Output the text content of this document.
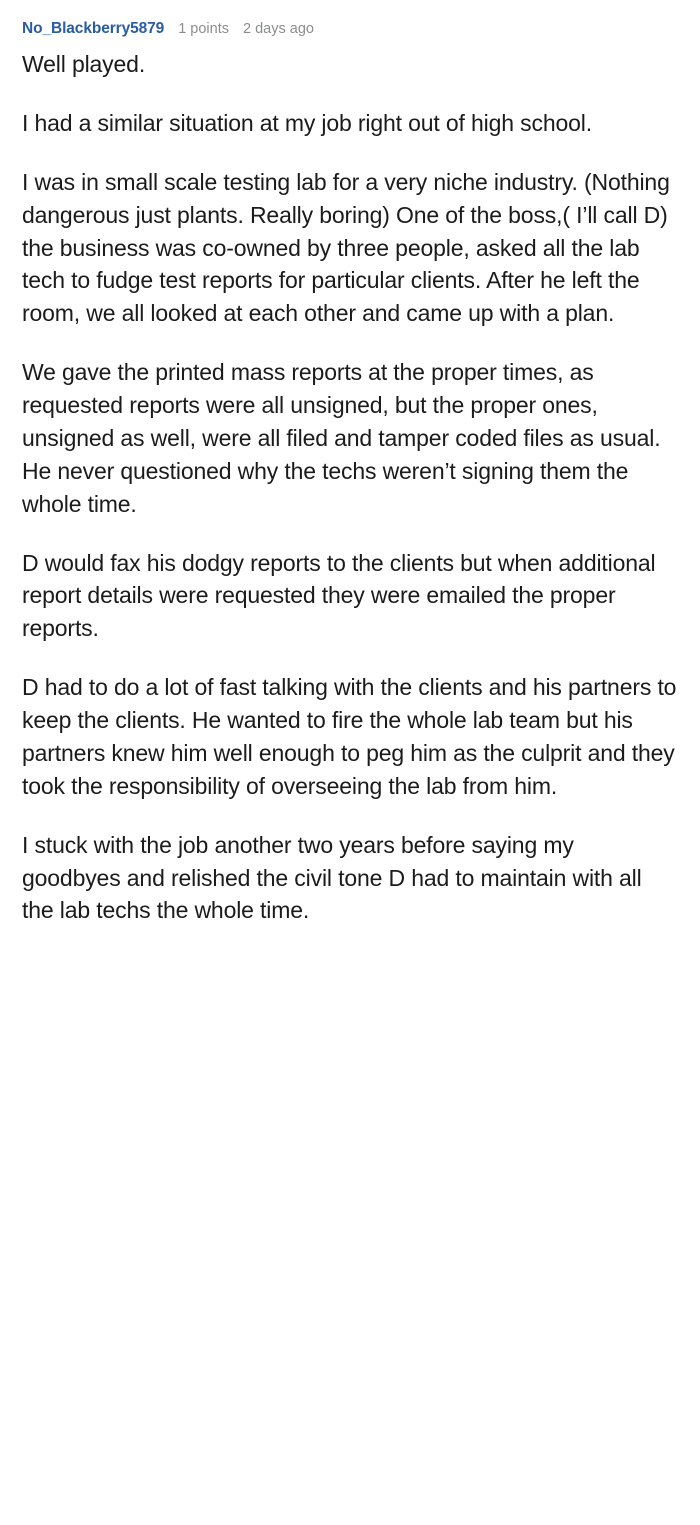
No_Blackberry5879 1 points 2 days ago

Well played.

I had a similar situation at my job right out of high school.

I was in small scale testing lab for a very niche industry. (Nothing dangerous just plants. Really boring) One of the boss,( I’ll call D) the business was co-owned by three people, asked all the lab tech to fudge test reports for particular clients. After he left the room, we all looked at each other and came up with a plan.

We gave the printed mass reports at the proper times, as requested reports were all unsigned, but the proper ones, unsigned as well, were all filed and tamper coded files as usual. He never questioned why the techs weren’t signing them the whole time.

D would fax his dodgy reports to the clients but when additional report details were requested they were emailed the proper reports.

D had to do a lot of fast talking with the clients and his partners to keep the clients. He wanted to fire the whole lab team but his partners knew him well enough to peg him as the culprit and they took the responsibility of overseeing the lab from him.

I stuck with the job another two years before saying my goodbyes and relished the civil tone D had to maintain with all the lab techs the whole time.
